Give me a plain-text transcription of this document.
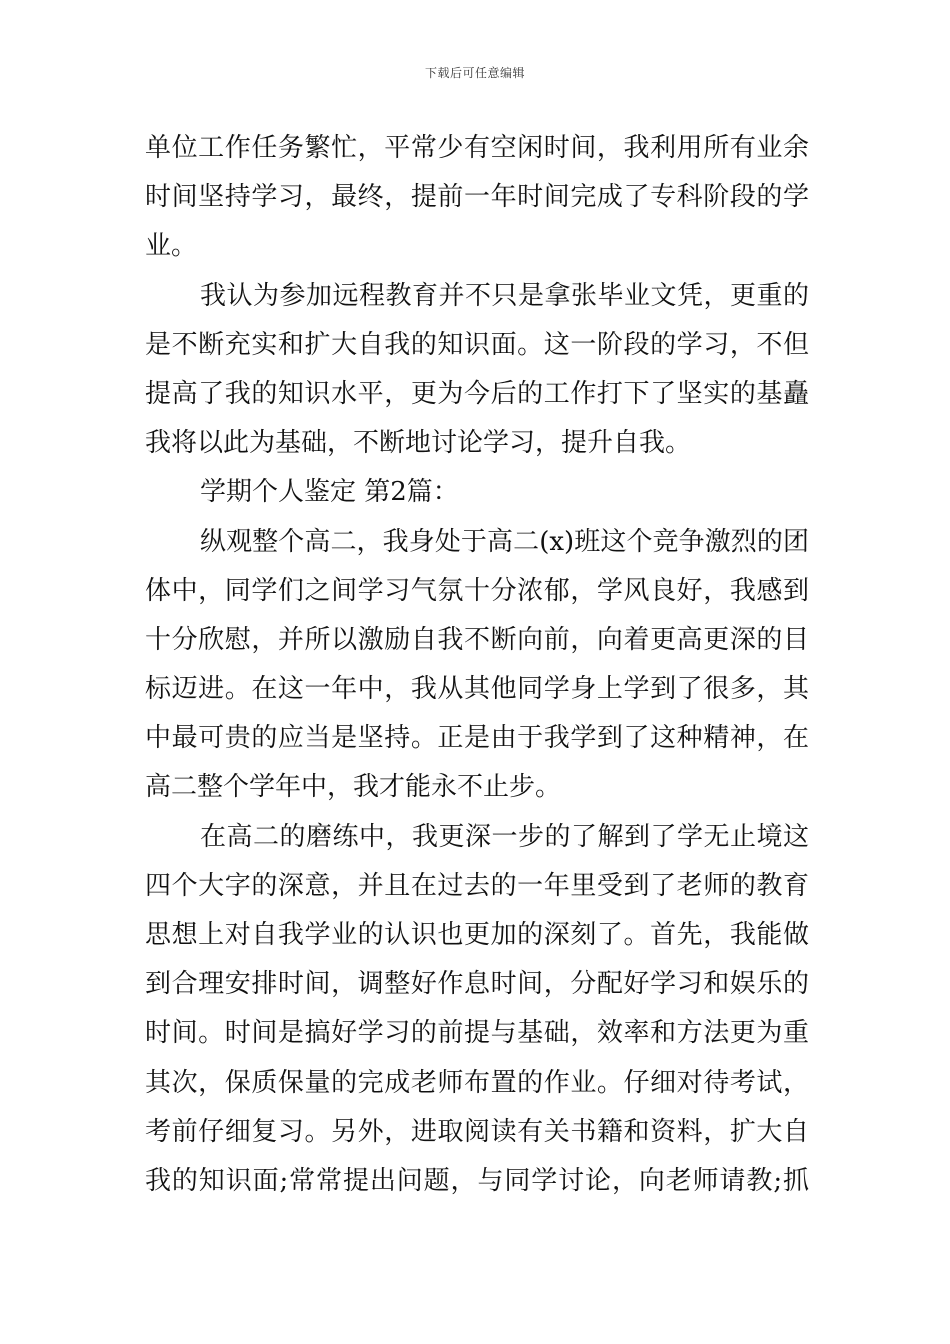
下载后可任意编辑
单位工作任务繁忙，平常少有空闲时间，我利用所有业余
时间坚持学习，最终，提前一年时间完成了专科阶段的学
业。
我认为参加远程教育并不只是拿张毕业文凭，更重的
是不断充实和扩大自我的知识面。这一阶段的学习，不但
提高了我的知识水平，更为今后的工作打下了坚实的基矗
我将以此为基础，不断地讨论学习，提升自我。
学期个人鉴定 第2篇：
纵观整个高二，我身处于高二(x)班这个竞争激烈的团
体中，同学们之间学习气氛十分浓郁，学风良好，我感到
十分欣慰，并所以激励自我不断向前，向着更高更深的目
标迈进。在这一年中，我从其他同学身上学到了很多，其
中最可贵的应当是坚持。正是由于我学到了这种精神，在
高二整个学年中，我才能永不止步。
在高二的磨练中，我更深一步的了解到了学无止境这
四个大字的深意，并且在过去的一年里受到了老师的教育
思想上对自我学业的认识也更加的深刻了。首先，我能做
到合理安排时间，调整好作息时间，分配好学习和娱乐的
时间。时间是搞好学习的前提与基础，效率和方法更为重
其次，保质保量的完成老师布置的作业。仔细对待考试，
考前仔细复习。另外，进取阅读有关书籍和资料，扩大自
我的知识面;常常提出问题，与同学讨论，向老师请教;抓
